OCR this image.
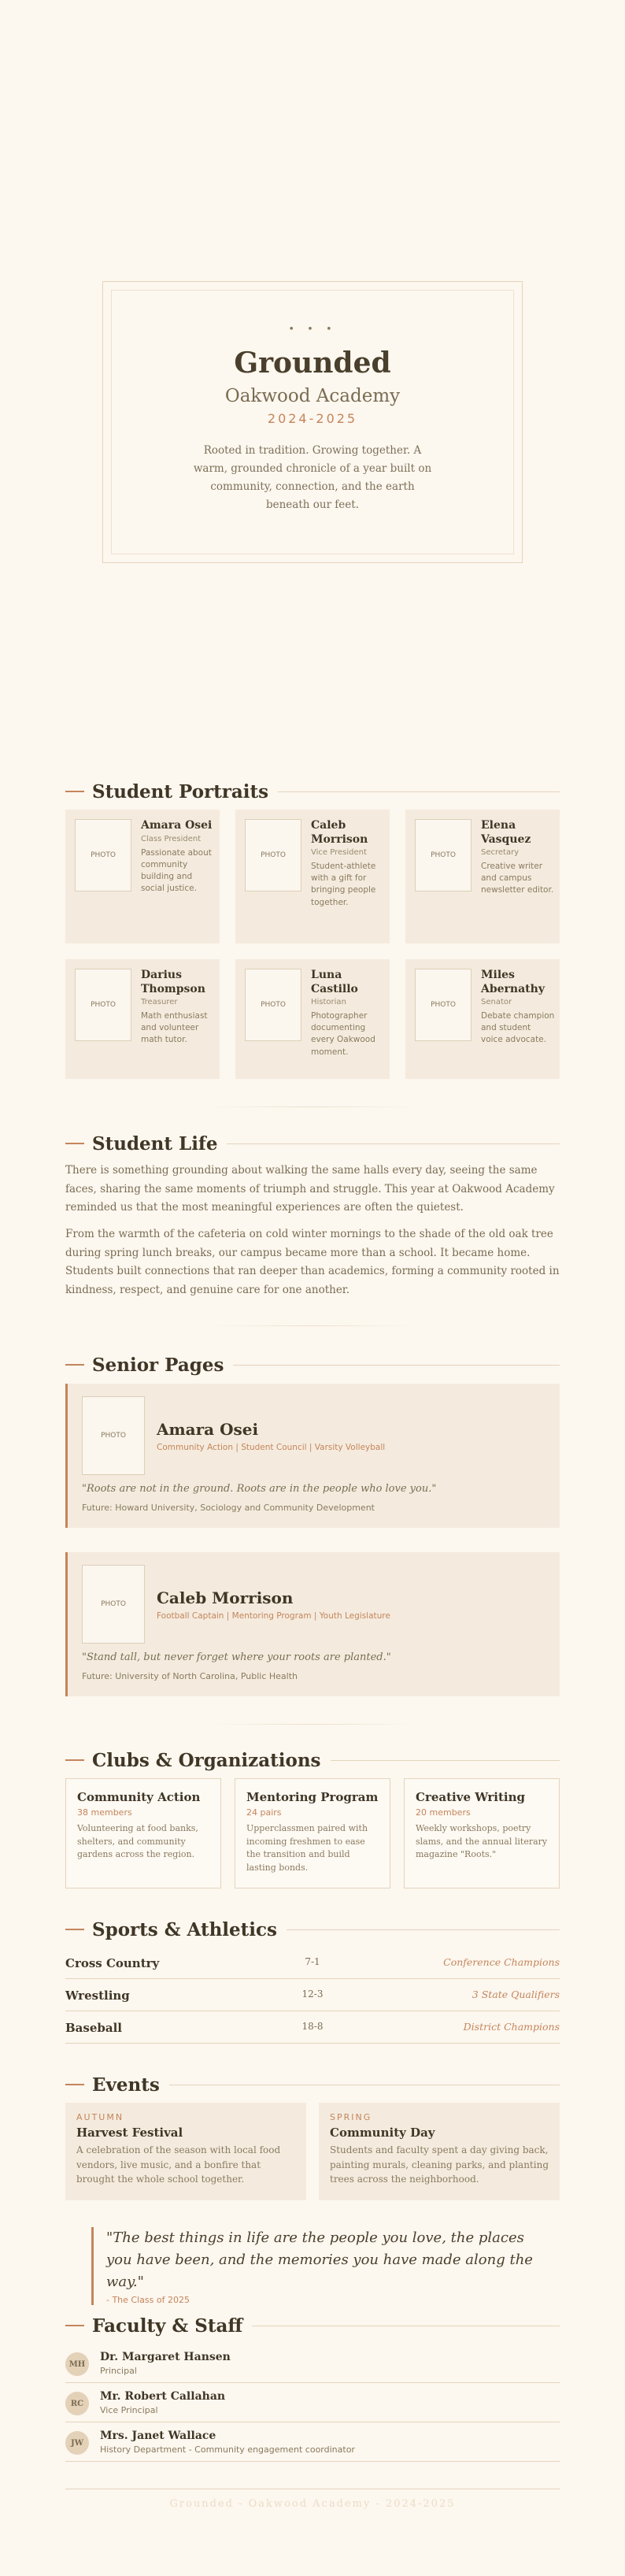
• • •
Grounded
Oakwood Academy
2024-2025
Rooted in tradition. Growing together. A warm, grounded chronicle of a year built on community, connection, and the earth beneath our feet.
Student Portraits
PHOTO
Amara Osei
Class President
Passionate about community building and social justice.
PHOTO
Caleb Morrison
Vice President
Student-athlete with a gift for bringing people together.
PHOTO
Elena Vasquez
Secretary
Creative writer and campus newsletter editor.
PHOTO
Darius Thompson
Treasurer
Math enthusiast and volunteer math tutor.
PHOTO
Luna Castillo
Historian
Photographer documenting every Oakwood moment.
PHOTO
Miles Abernathy
Senator
Debate champion and student voice advocate.
Student Life

There is something grounding about walking the same halls every day, seeing the same faces, sharing the same moments of triumph and struggle. This year at Oakwood Academy reminded us that the most meaningful experiences are often the quietest.

From the warmth of the cafeteria on cold winter mornings to the shade of the old oak tree during spring lunch breaks, our campus became more than a school. It became home. Students built connections that ran deeper than academics, forming a community rooted in kindness, respect, and genuine care for one another.

Senior Pages
PHOTO	Amara Osei
Community Action | Student Council | Varsity Volleyball
"Roots are not in the ground. Roots are in the people who love you."
Future: Howard University, Sociology and Community Development
PHOTO	Caleb Morrison
Football Captain | Mentoring Program | Youth Legislature
"Stand tall, but never forget where your roots are planted."
Future: University of North Carolina, Public Health
Clubs & Organizations
Community Action
38 members
Volunteering at food banks, shelters, and community gardens across the region.
Mentoring Program
24 pairs
Upperclassmen paired with incoming freshmen to ease the transition and build lasting bonds.
Creative Writing
20 members
Weekly workshops, poetry slams, and the annual literary magazine "Roots."
Sports & Athletics
Cross Country	7-1	Conference Champions
Wrestling	12-3	3 State Qualifiers
Baseball	18-8	District Champions
Events
AUTUMN
Harvest Festival
A celebration of the season with local food vendors, live music, and a bonfire that brought the whole school together.
SPRING
Community Day
Students and faculty spent a day giving back, painting murals, cleaning parks, and planting trees across the neighborhood.
"The best things in life are the people you love, the places you have been, and the memories you have made along the way."
- The Class of 2025
Faculty & Staff
MH
Dr. Margaret Hansen
Principal
RC
Mr. Robert Callahan
Vice Principal
JW
Mrs. Janet Wallace
History Department - Community engagement coordinator
Grounded - Oakwood Academy - 2024-2025
